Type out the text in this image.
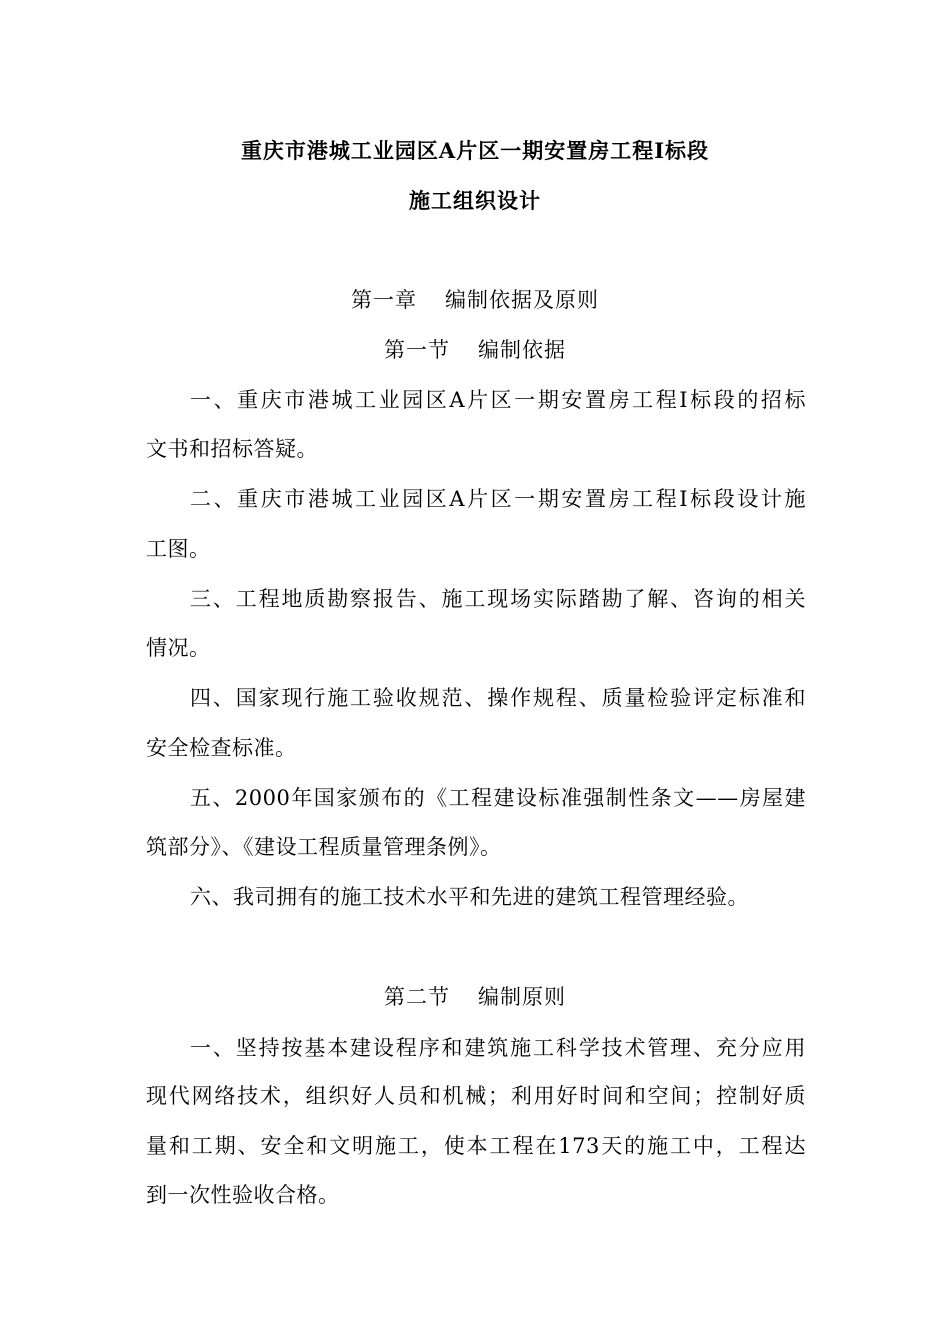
重庆市港城工业园区A片区一期安置房工程Ⅰ标段
施工组织设计
第一章 编制依据及原则
第一节 编制依据
一、重庆市港城工业园区A片区一期安置房工程Ⅰ标段的招标
文书和招标答疑。
二、重庆市港城工业园区A片区一期安置房工程Ⅰ标段设计施
工图。
三、工程地质勘察报告、施工现场实际踏勘了解、咨询的相关
情况。
四、国家现行施工验收规范、操作规程、质量检验评定标准和
安全检查标准。
五、2000年国家颁布的《工程建设标准强制性条文——房屋建
筑部分》、《建设工程质量管理条例》。
六、我司拥有的施工技术水平和先进的建筑工程管理经验。
第二节 编制原则
一、坚持按基本建设程序和建筑施工科学技术管理、充分应用
现代网络技术，组织好人员和机械；利用好时间和空间；控制好质
量和工期、安全和文明施工，使本工程在173天的施工中，工程达
到一次性验收合格。
